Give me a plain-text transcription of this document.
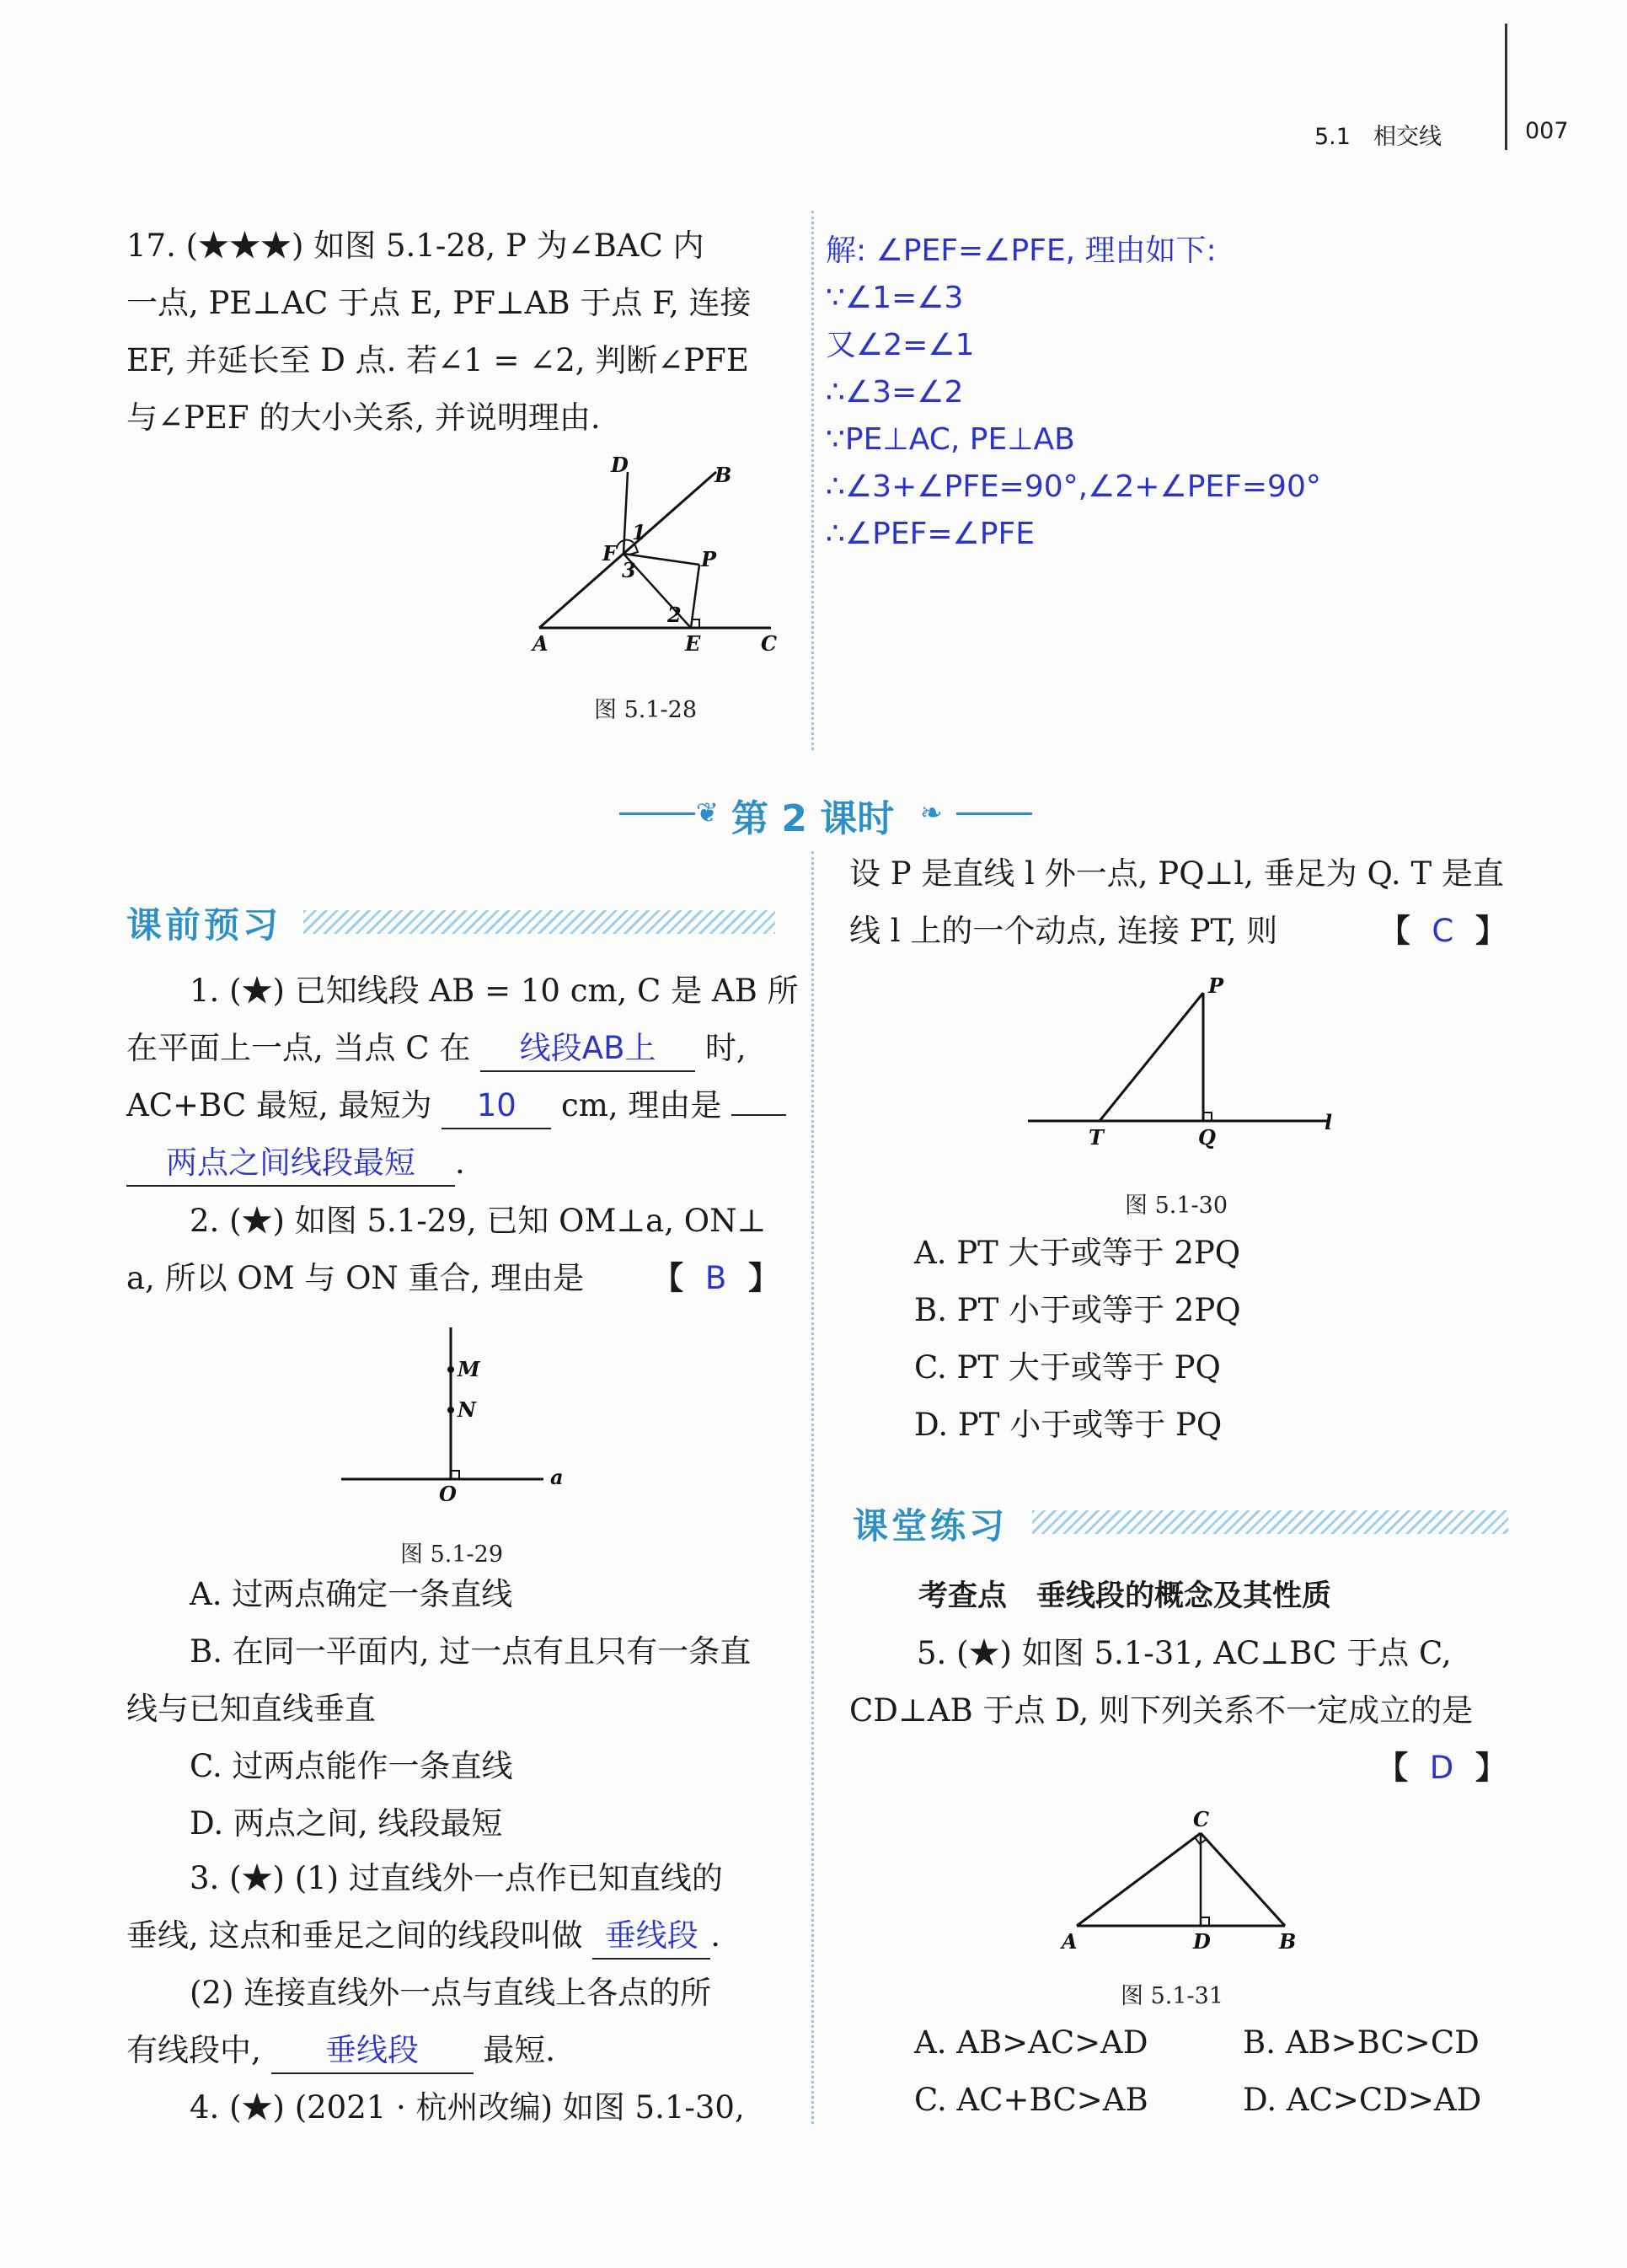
5.1　相交线	007
17. (★★★) 如图 5.1-28, P 为∠BAC 内
一点, PE⊥AC 于点 E, PF⊥AB 于点 F, 连接
EF, 并延长至 D 点. 若∠1 = ∠2, 判断∠PFE
与∠PEF 的大小关系, 并说明理由.
D	B
F
1
3	P
A
2
E	C
图 5.1-28
解: ∠PEF=∠PFE, 理由如下:
∵∠1=∠3
又∠2=∠1
∴∠3=∠2
∵PE⊥AC, PE⊥AB
∴∠3+∠PFE=90°,∠2+∠PEF=90°
∴∠PEF=∠PFE
❦ 第 2 课时 ❧
课前预习
1. (★) 已知线段 AB = 10 cm, C 是 AB 所
在平面上一点, 当点 C 在 线段AB上 时,
AC+BC 最短, 最短为 10 cm, 理由是
两点之间线段最短 .
2. (★) 如图 5.1-29, 已知 OM⊥a, ON⊥
a, 所以 OM 与 ON 重合, 理由是 【  B  】
M
N
O
a
图 5.1-29
A. 过两点确定一条直线
B. 在同一平面内, 过一点有且只有一条直
线与已知直线垂直
C. 过两点能作一条直线
D. 两点之间, 线段最短
3. (★) (1) 过直线外一点作已知直线的
垂线, 这点和垂足之间的线段叫做 垂线段 .
(2) 连接直线外一点与直线上各点的所
有线段中, 垂线段 最短.
4. (★) (2021 · 杭州改编) 如图 5.1-30,
设 P 是直线 l 外一点, PQ⊥l, 垂足为 Q. T 是直
线 l 上的一个动点, 连接 PT, 则	【  C  】
P
T	Q
l
图 5.1-30
A. PT 大于或等于 2PQ
B. PT 小于或等于 2PQ
C. PT 大于或等于 PQ
D. PT 小于或等于 PQ
课堂练习
考查点　垂线段的概念及其性质
5. (★) 如图 5.1-31, AC⊥BC 于点 C,
CD⊥AB 于点 D, 则下列关系不一定成立的是
【  D  】
C
A	D	B
图 5.1-31
A. AB>AC>AD	B. AB>BC>CD
C. AC+BC>AB	D. AC>CD>AD
